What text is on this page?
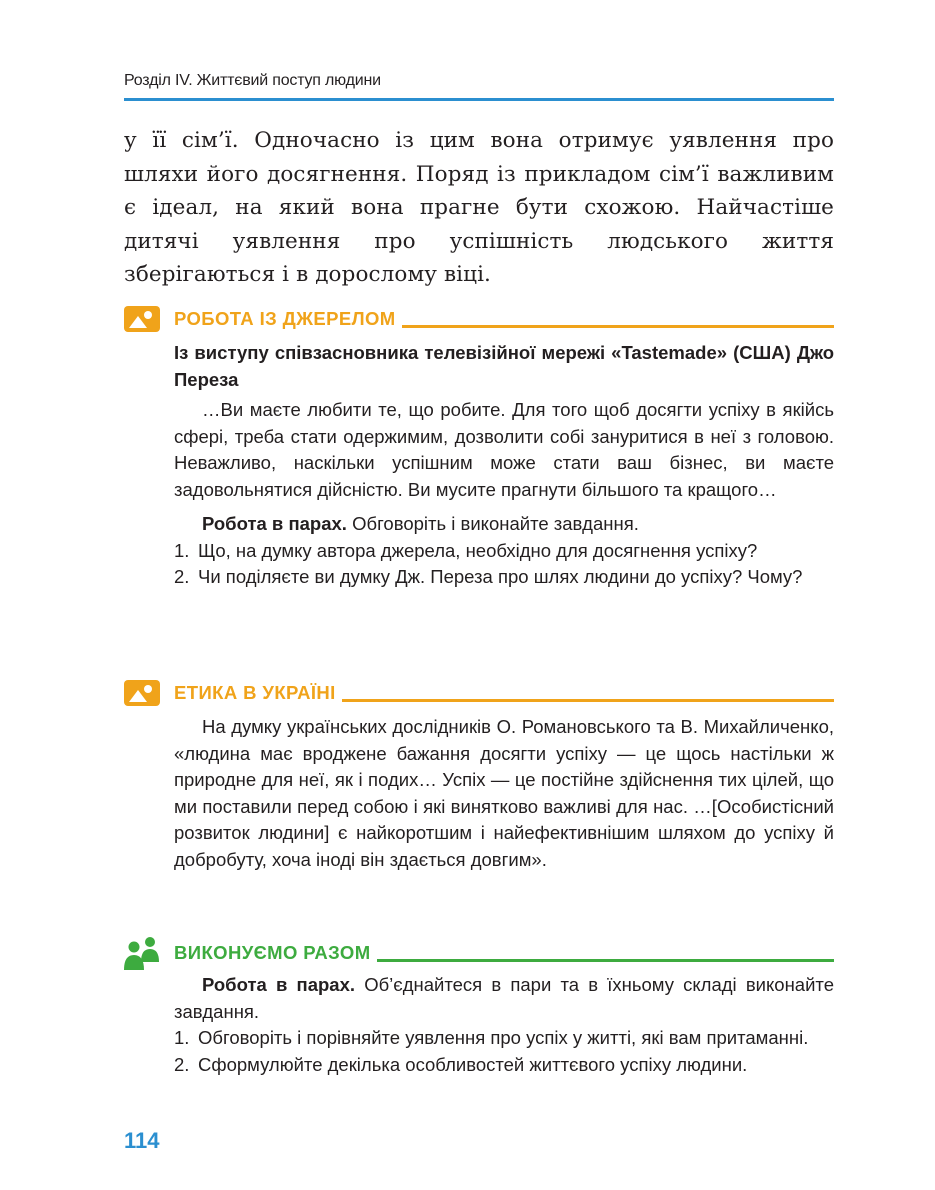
Розділ IV. Життєвий поступ людини
у її сім’ї. Одночасно із цим вона отримує уявлення про шляхи його досягнення. Поряд із прикладом сім’ї важливим є ідеал, на який вона прагне бути схожою. Найчастіше дитячі уявлення про успішність людського життя зберігаються і в дорослому віці.
РОБОТА ІЗ ДЖЕРЕЛОМ
Із виступу співзасновника телевізійної мережі «Tastemade» (США) Джо Переза

…Ви маєте любити те, що робите. Для того щоб досягти успіху в якійсь сфері, треба стати одержимим, дозволити собі зануритися в неї з головою. Неважливо, наскільки успішним може стати ваш бізнес, ви маєте задовольнятися дійсністю. Ви мусите прагнути більшого та кращого…

Робота в парах. Обговоріть і виконайте завдання.
1. Що, на думку автора джерела, необхідно для досягнення успіху?
2. Чи поділяєте ви думку Дж. Переза про шлях людини до успіху? Чому?
ЕТИКА В УКРАЇНІ

На думку українських дослідників О. Романовського та В. Михайличенко, «людина має вроджене бажання досягти успіху — це щось настільки ж природне для неї, як і подих… Успіх — це постійне здійснення тих цілей, що ми поставили перед собою і які винятково важливі для нас. …[Особистісний розвиток людини] є найкоротшим і найефективнішим шляхом до успіху й добробуту, хоча іноді він здається довгим».

ВИКОНУЄМО РАЗОМ
Робота в парах. Об’єднайтеся в пари та в їхньому складі виконайте завдання.
1. Обговоріть і порівняйте уявлення про успіх у житті, які вам притаманні.
2. Сформулюйте декілька особливостей життєвого успіху людини.
114
